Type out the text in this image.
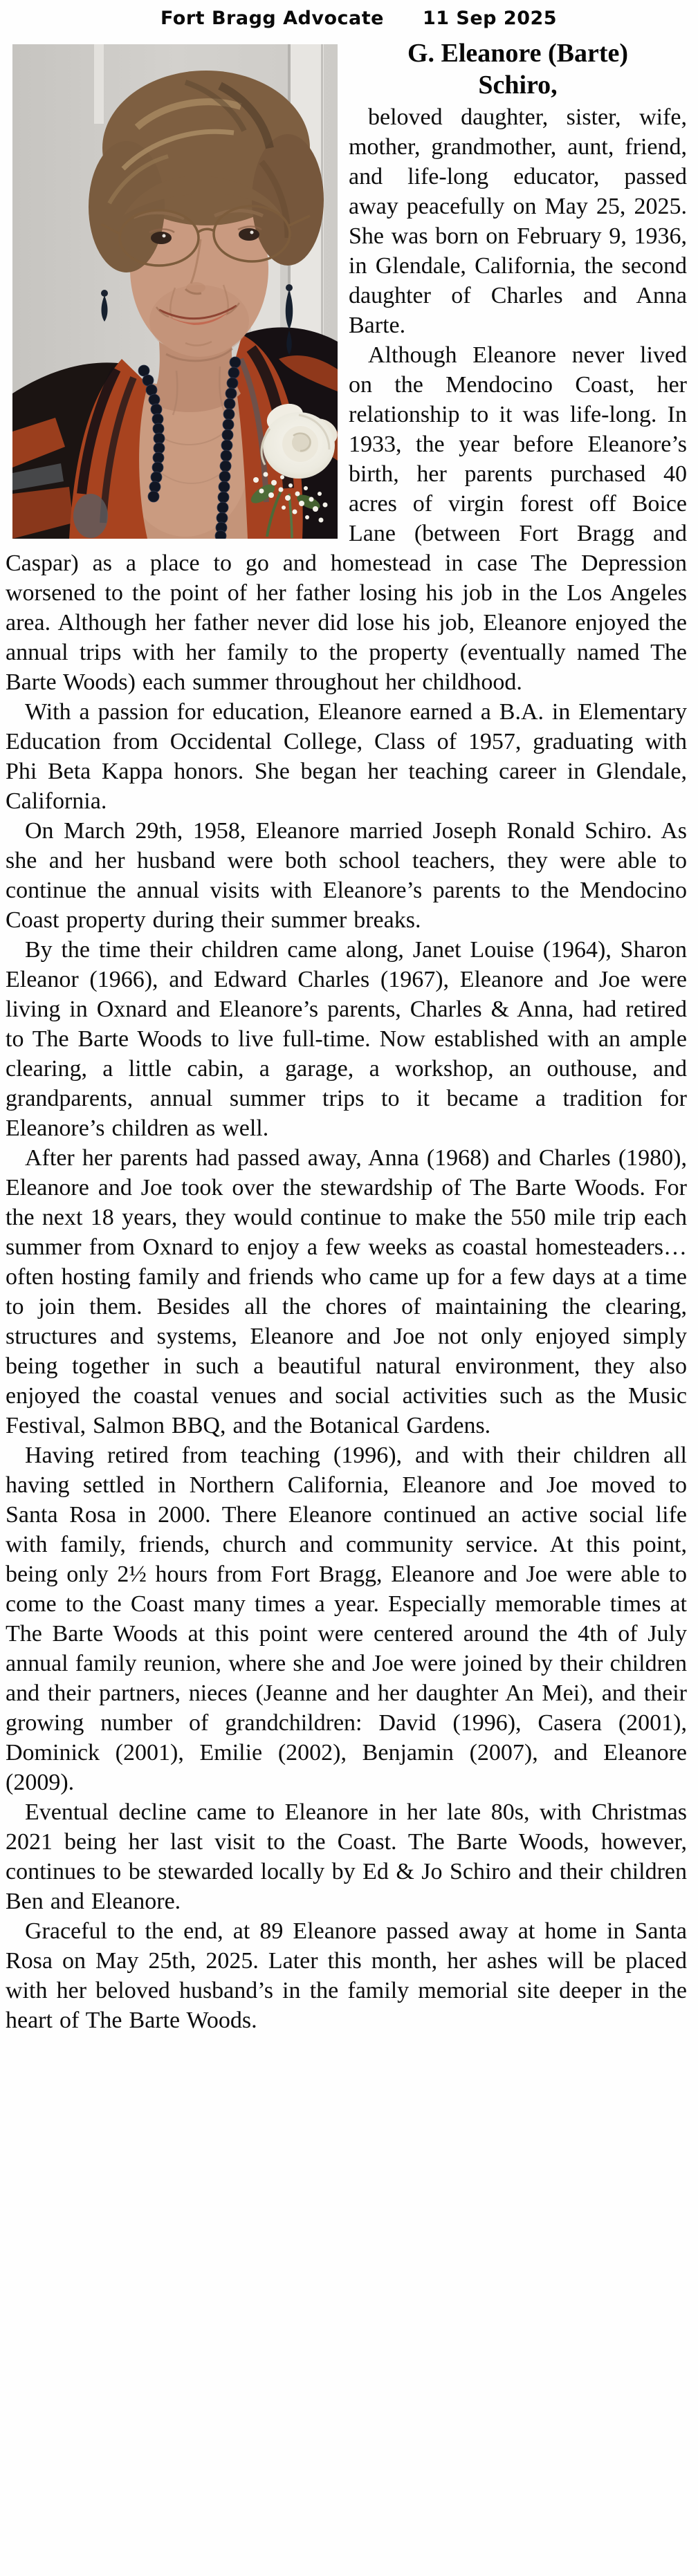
Fort Bragg Advocate 11 Sep 2025
G. Eleanore (Barte)
Schiro,

beloved daughter, sister, wife, mother, grandmother, aunt, friend, and life-long educator, passed away peacefully on May 25, 2025. She was born on February 9, 1936, in Glendale, California, the second daughter of Charles and Anna Barte.

Although Eleanore never lived on the Mendocino Coast, her relationship to it was life-long. In 1933, the year before Eleanore’s birth, her parents purchased 40 acres of virgin forest off Boice Lane (between Fort Bragg and Caspar) as a place to go and homestead in case The Depression worsened to the point of her father losing his job in the Los Angeles area. Although her father never did lose his job, Eleanore enjoyed the annual trips with her family to the property (eventually named The Barte Woods) each summer throughout her childhood.

With a passion for education, Eleanore earned a B.A. in Elementary Education from Occidental College, Class of 1957, graduating with Phi Beta Kappa honors. She began her teaching career in Glendale, California.

On March 29th, 1958, Eleanore married Joseph Ronald Schiro. As she and her husband were both school teachers, they were able to continue the annual visits with Eleanore’s parents to the Mendocino Coast property during their summer breaks.

By the time their children came along, Janet Louise (1964), Sharon Eleanor (1966), and Edward Charles (1967), Eleanore and Joe were living in Oxnard and Eleanore’s parents, Charles & Anna, had retired to The Barte Woods to live full-time. Now established with an ample clearing, a little cabin, a garage, a workshop, an outhouse, and grandparents, annual summer trips to it became a tradition for Eleanore’s children as well.

After her parents had passed away, Anna (1968) and Charles (1980), Eleanore and Joe took over the stewardship of The Barte Woods. For the next 18 years, they would continue to make the 550 mile trip each summer from Oxnard to enjoy a few weeks as coastal homesteaders…often hosting family and friends who came up for a few days at a time to join them. Besides all the chores of maintaining the clearing, structures and systems, Eleanore and Joe not only enjoyed simply being together in such a beautiful natural environment, they also enjoyed the coastal venues and social activities such as the Music Festival, Salmon BBQ, and the Botanical Gardens.

Having retired from teaching (1996), and with their children all having settled in Northern California, Eleanore and Joe moved to Santa Rosa in 2000. There Eleanore continued an active social life with family, friends, church and community service. At this point, being only 2½ hours from Fort Bragg, Eleanore and Joe were able to come to the Coast many times a year. Especially memorable times at The Barte Woods at this point were centered around the 4th of July annual family reunion, where she and Joe were joined by their children and their partners, nieces (Jeanne and her daughter An Mei), and their growing number of grandchildren: David (1996), Casera (2001), Dominick (2001), Emilie (2002), Benjamin (2007), and Eleanore (2009).

Eventual decline came to Eleanore in her late 80s, with Christmas 2021 being her last visit to the Coast. The Barte Woods, however, continues to be stewarded locally by Ed & Jo Schiro and their children Ben and Eleanore.

Graceful to the end, at 89 Eleanore passed away at home in Santa Rosa on May 25th, 2025. Later this month, her ashes will be placed with her beloved husband’s in the family memorial site deeper in the heart of The Barte Woods.
